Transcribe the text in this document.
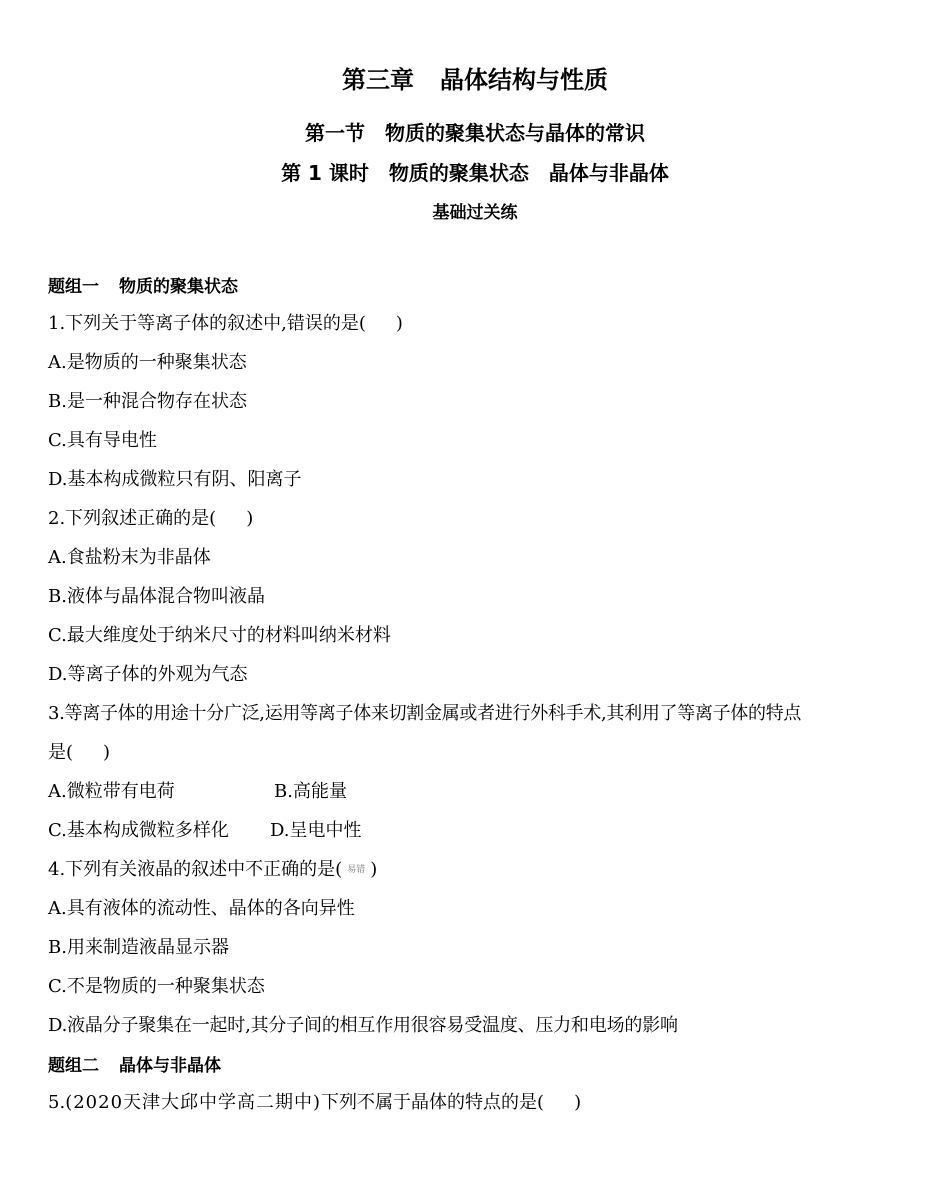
第三章 晶体结构与性质
第一节 物质的聚集状态与晶体的常识
第 1 课时 物质的聚集状态 晶体与非晶体
基础过关练
题组一 物质的聚集状态
1.下列关于等离子体的叙述中,错误的是( )
A.是物质的一种聚集状态
B.是一种混合物存在状态
C.具有导电性
D.基本构成微粒只有阴、阳离子
2.下列叙述正确的是( )
A.食盐粉末为非晶体
B.液体与晶体混合物叫液晶
C.最大维度处于纳米尺寸的材料叫纳米材料
D.等离子体的外观为气态
3.等离子体的用途十分广泛,运用等离子体来切割金属或者进行外科手术,其利用了等离子体的特点
是( )
A.微粒带有电荷	B.高能量
C.基本构成微粒多样化 D.呈电中性
4.下列有关液晶的叙述中不正确的是( 易错 )
A.具有液体的流动性、晶体的各向异性
B.用来制造液晶显示器
C.不是物质的一种聚集状态
D.液晶分子聚集在一起时,其分子间的相互作用很容易受温度、压力和电场的影响
题组二 晶体与非晶体
5.(2020天津大邱中学高二期中)下列不属于晶体的特点的是( )
